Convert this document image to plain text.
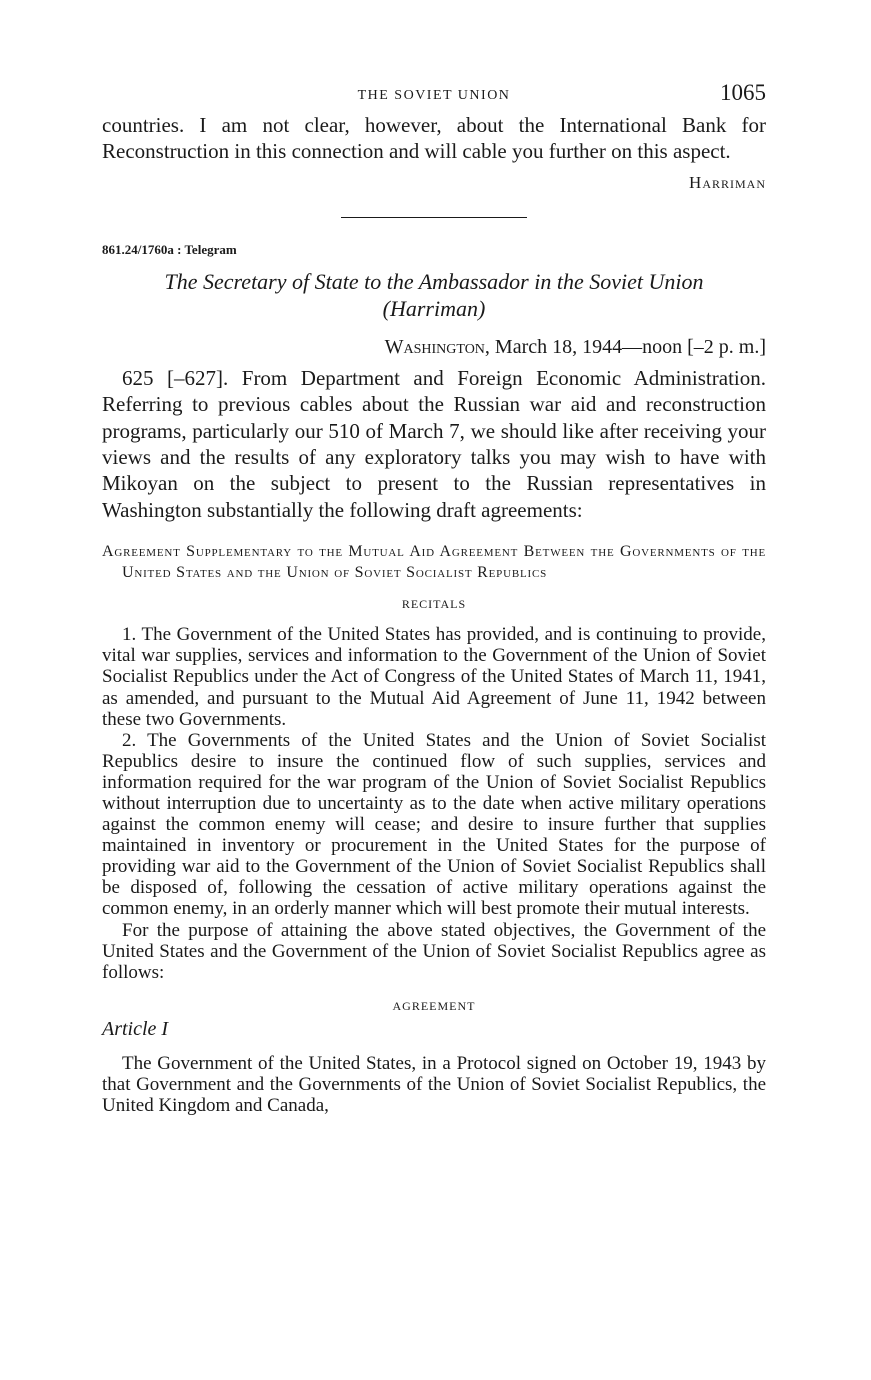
THE SOVIET UNION	1065

countries. I am not clear, however, about the International Bank for Reconstruction in this connection and will cable you further on this aspect.

Harriman
861.24/1760a : Telegram
The Secretary of State to the Ambassador in the Soviet Union
(Harriman)
Washington, March 18, 1944—noon [–2 p. m.]

625 [–627]. From Department and Foreign Economic Administration. Referring to previous cables about the Russian war aid and reconstruction programs, particularly our 510 of March 7, we should like after receiving your views and the results of any exploratory talks you may wish to have with Mikoyan on the subject to present to the Russian representatives in Washington substantially the following draft agreements:

Agreement Supplementary to the Mutual Aid Agreement Between the Governments of the United States and the Union of Soviet Socialist Republics
RECITALS

1. The Government of the United States has provided, and is continuing to provide, vital war supplies, services and information to the Government of the Union of Soviet Socialist Republics under the Act of Congress of the United States of March 11, 1941, as amended, and pursuant to the Mutual Aid Agreement of June 11, 1942 between these two Governments.

2. The Governments of the United States and the Union of Soviet Socialist Republics desire to insure the continued flow of such supplies, services and information required for the war program of the Union of Soviet Socialist Republics without interruption due to uncertainty as to the date when active military operations against the common enemy will cease; and desire to insure further that supplies maintained in inventory or procurement in the United States for the purpose of providing war aid to the Government of the Union of Soviet Socialist Republics shall be disposed of, following the cessation of active military operations against the common enemy, in an orderly manner which will best promote their mutual interests.

For the purpose of attaining the above stated objectives, the Government of the United States and the Government of the Union of Soviet Socialist Republics agree as follows:

AGREEMENT
Article I

The Government of the United States, in a Protocol signed on October 19, 1943 by that Government and the Governments of the Union of Soviet Socialist Republics, the United Kingdom and Canada,
